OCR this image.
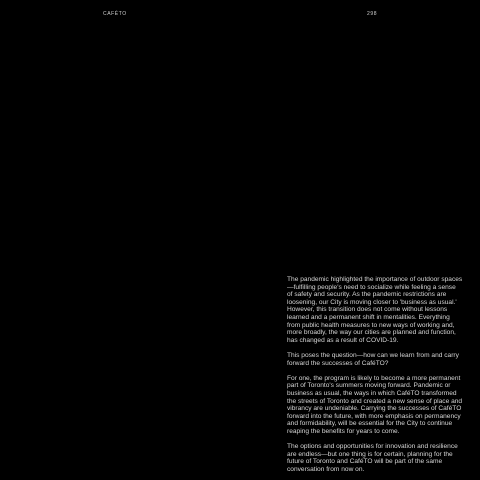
CAFÉTO	298

The pandemic highlighted the importance of outdoor spaces—fulfilling people's need to socialize while feeling a sense of safety and security. As the pandemic restrictions are loosening, our City is moving closer to 'business as usual.' However, this transition does not come without lessons learned and a permanent shift in mentalities. Everything from public health measures to new ways of working and, more broadly, the way our cities are planned and function, has changed as a result of COVID-19.

This poses the question—how can we learn from and carry forward the successes of CaféTO?

For one, the program is likely to become a more permanent part of Toronto's summers moving forward. Pandemic or business as usual, the ways in which CaféTO transformed the streets of Toronto and created a new sense of place and vibrancy are undeniable. Carrying the successes of CaféTO forward into the future, with more emphasis on permanency and formidability, will be essential for the City to continue reaping the benefits for years to come.

The options and opportunities for innovation and resilience are endless—but one thing is for certain, planning for the future of Toronto and CaféTO will be part of the same conversation from now on.
